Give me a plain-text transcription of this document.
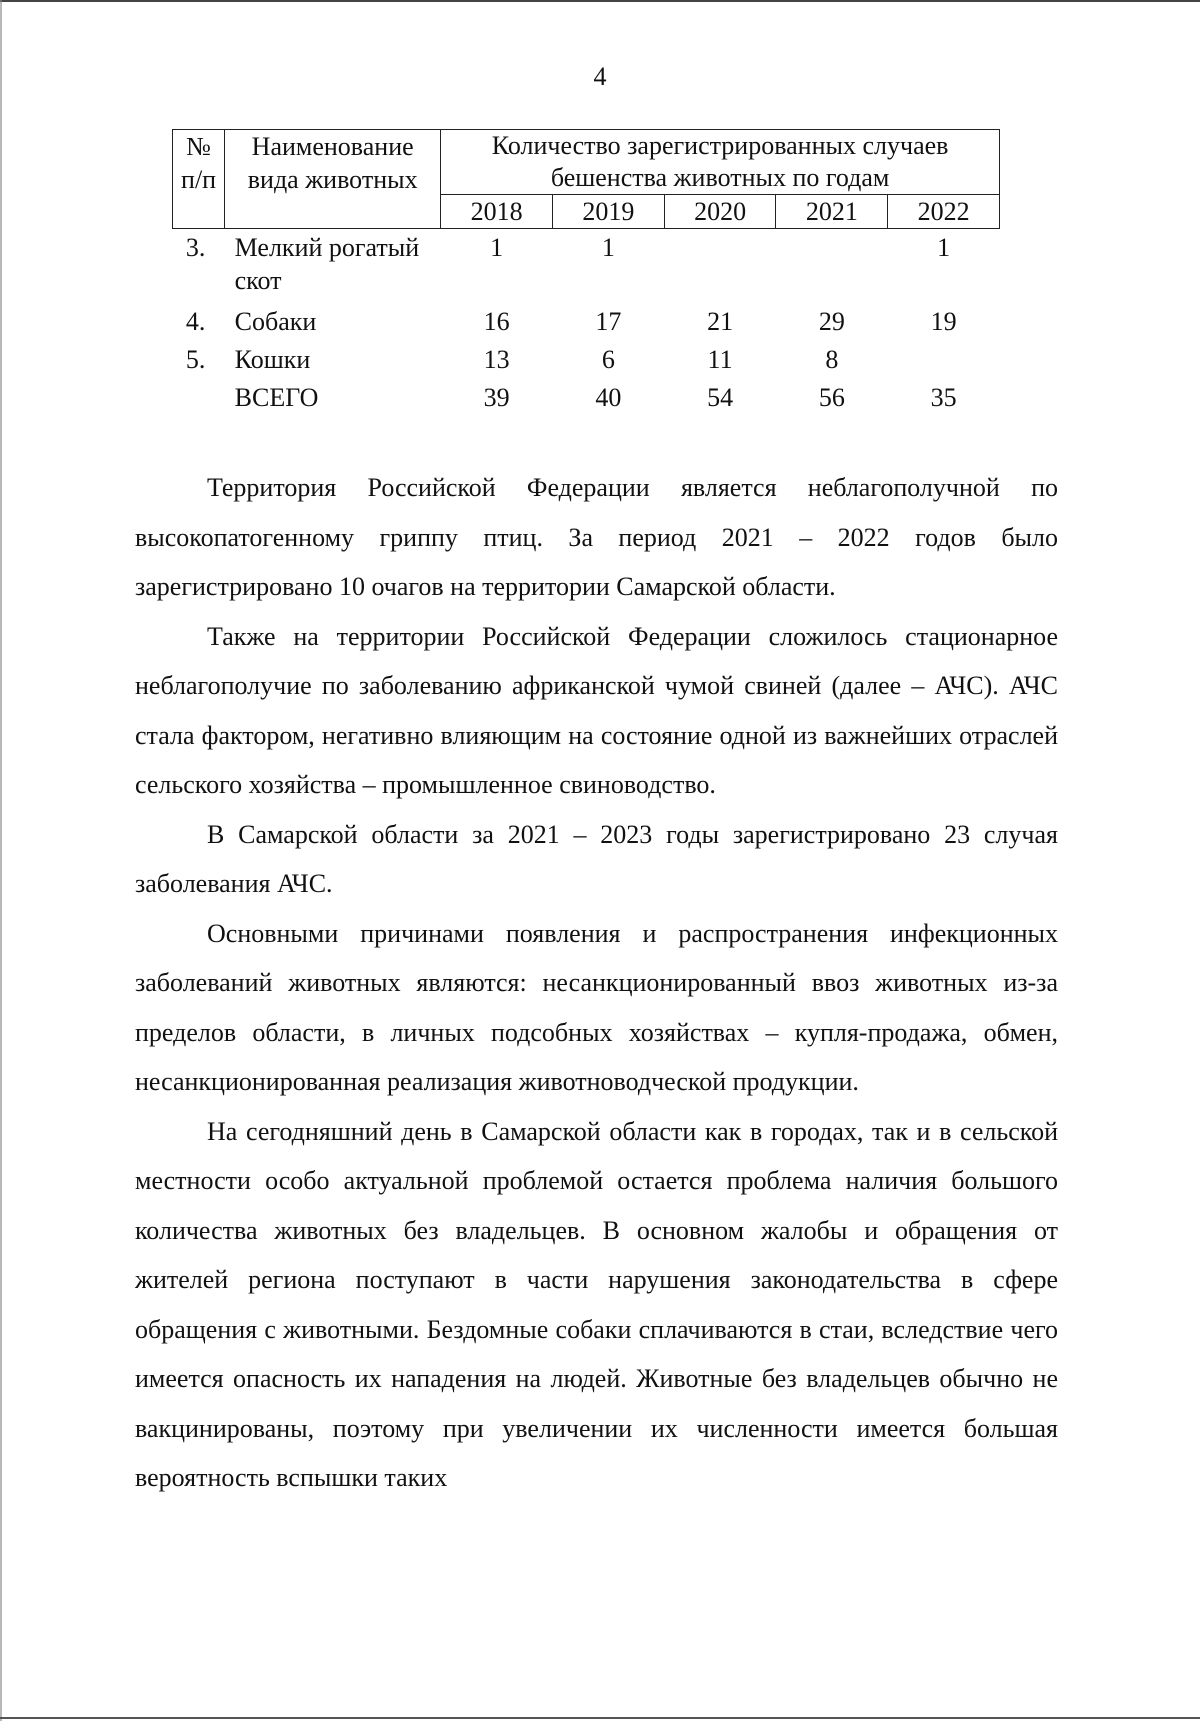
4
№ п/п	Наименование вида животных	Количество зарегистрированных случаев бешенства животных по годам				
		2018	2019	2020	2021	2022
3.	Мелкий рогатый скот	1	1			1
4.	Собаки	16	17	21	29	19
5.	Кошки	13	6	11	8	
	ВСЕГО	39	40	54	56	35

Территория Российской Федерации является неблагополучной по высокопатогенному гриппу птиц. За период 2021 – 2022 годов было зарегистрировано 10 очагов на территории Самарской области.

Также на территории Российской Федерации сложилось стационарное неблагополучие по заболеванию африканской чумой свиней (далее – АЧС). АЧС стала фактором, негативно влияющим на состояние одной из важнейших отраслей сельского хозяйства – промышленное свиноводство.

В Самарской области за 2021 – 2023 годы зарегистрировано 23 случая заболевания АЧС.

Основными причинами появления и распространения инфекционных заболеваний животных являются: несанкционированный ввоз животных из-за пределов области, в личных подсобных хозяйствах – купля-продажа, обмен, несанкционированная реализация животноводческой продукции.

На сегодняшний день в Самарской области как в городах, так и в сельской местности особо актуальной проблемой остается проблема наличия большого количества животных без владельцев. В основном жалобы и обращения от жителей региона поступают в части нарушения законодательства в сфере обращения с животными. Бездомные собаки сплачиваются в стаи, вследствие чего имеется опасность их нападения на людей. Животные без владельцев обычно не вакцинированы, поэтому при увеличении их численности имеется большая вероятность вспышки таких
